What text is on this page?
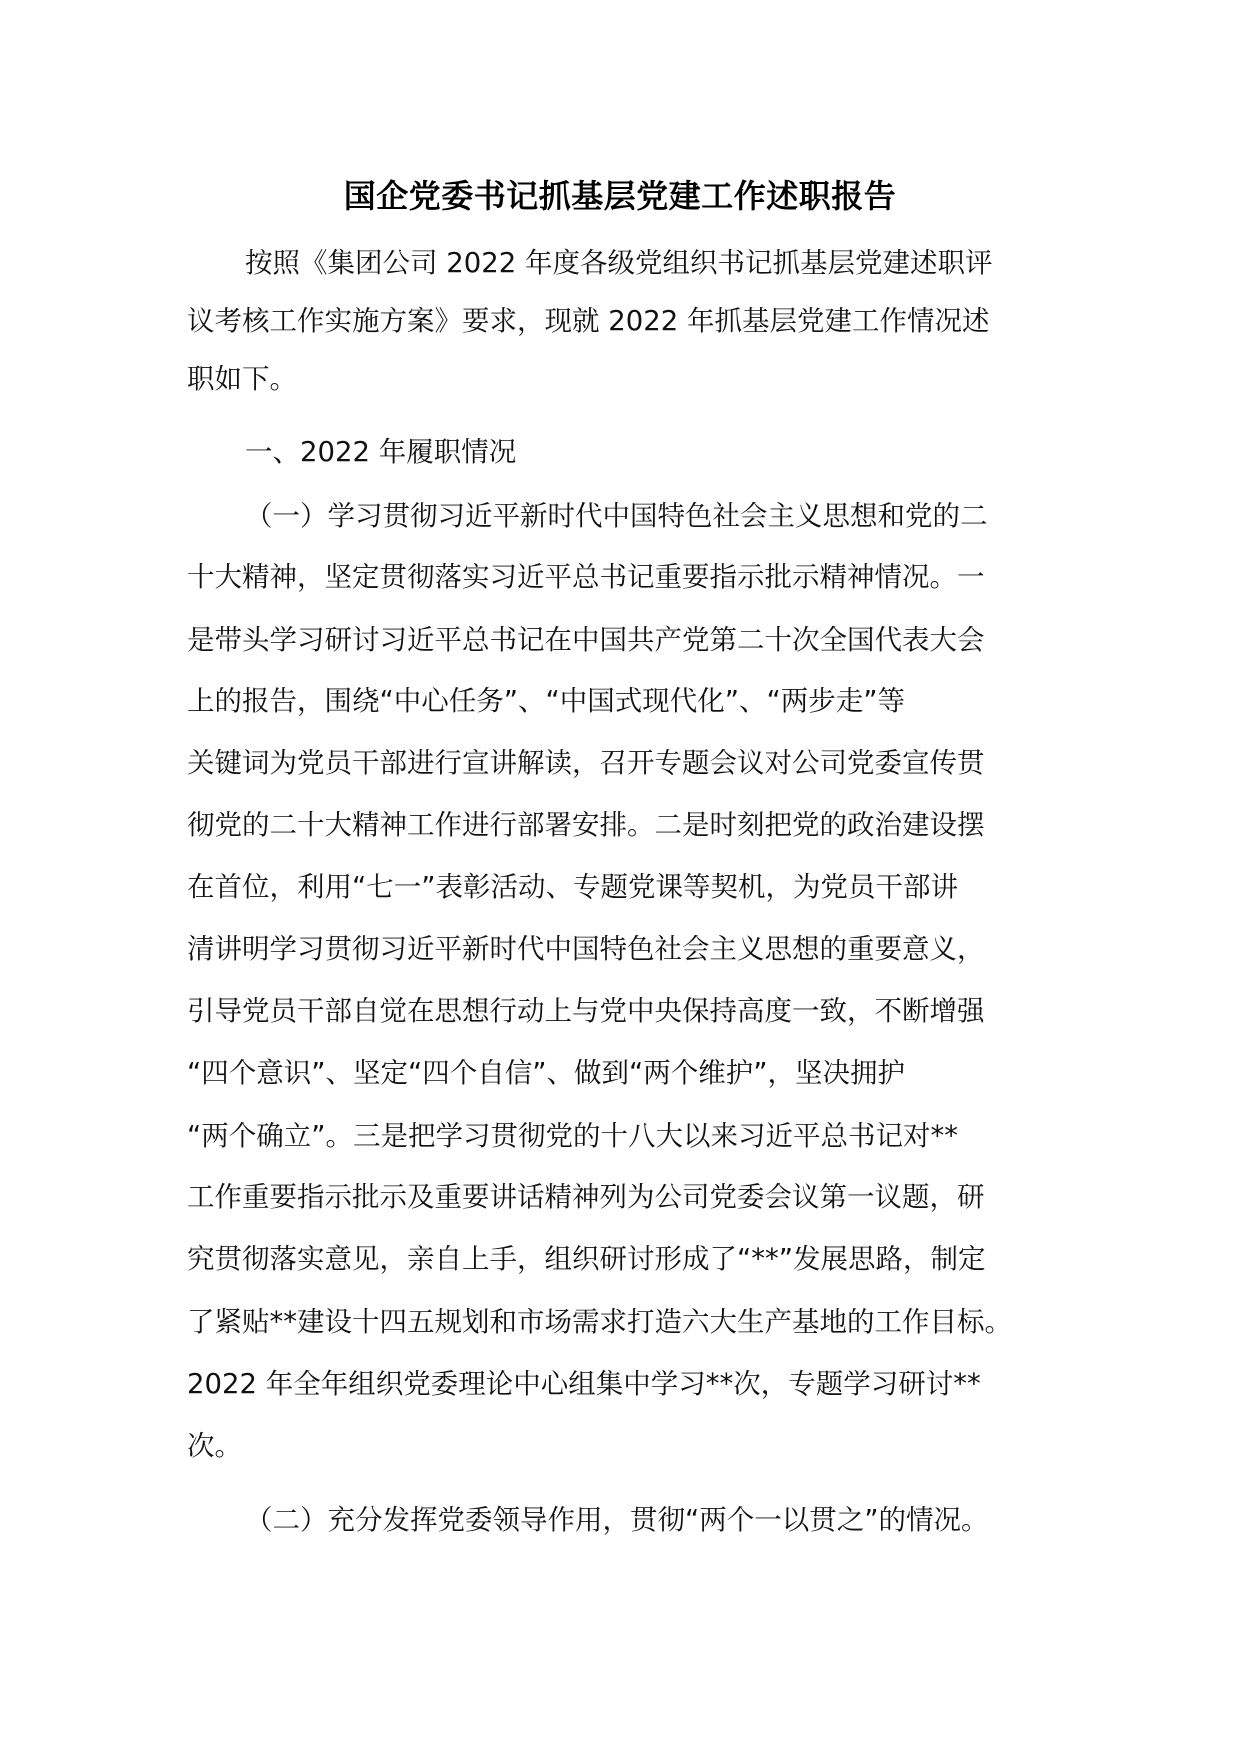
国企党委书记抓基层党建工作述职报告
按照《集团公司 2022 年度各级党组织书记抓基层党建述职评
议考核工作实施方案》要求，现就 2022 年抓基层党建工作情况述
职如下。
一、2022 年履职情况
（一）学习贯彻习近平新时代中国特色社会主义思想和党的二
十大精神，坚定贯彻落实习近平总书记重要指示批示精神情况。一
是带头学习研讨习近平总书记在中国共产党第二十次全国代表大会
上的报告，围绕“中心任务”、“中国式现代化”、“两步走”等
关键词为党员干部进行宣讲解读，召开专题会议对公司党委宣传贯
彻党的二十大精神工作进行部署安排。二是时刻把党的政治建设摆
在首位，利用“七一”表彰活动、专题党课等契机，为党员干部讲
清讲明学习贯彻习近平新时代中国特色社会主义思想的重要意义，
引导党员干部自觉在思想行动上与党中央保持高度一致，不断增强
“四个意识”、坚定“四个自信”、做到“两个维护”，坚决拥护
“两个确立”。三是把学习贯彻党的十八大以来习近平总书记对**
工作重要指示批示及重要讲话精神列为公司党委会议第一议题，研
究贯彻落实意见，亲自上手，组织研讨形成了“**”发展思路，制定
了紧贴**建设十四五规划和市场需求打造六大生产基地的工作目标。
2022 年全年组织党委理论中心组集中学习**次，专题学习研讨**
次。
（二）充分发挥党委领导作用，贯彻“两个一以贯之”的情况。
